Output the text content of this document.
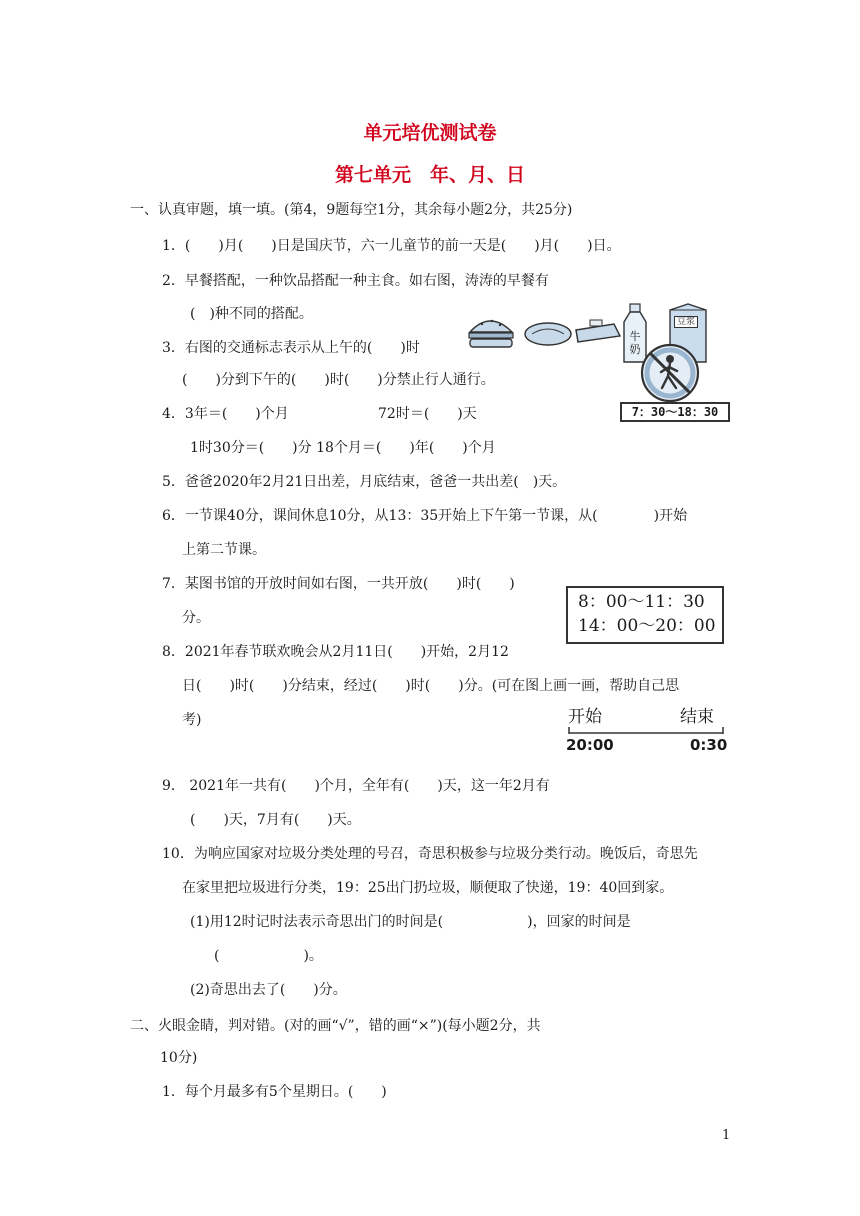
单元培优测试卷
第七单元　年、月、日
一、认真审题，填一填。(第4，9题每空1分，其余每小题2分，共25分)
1．(　　)月(　　)日是国庆节，六一儿童节的前一天是(　　)月(　　)日。
2．早餐搭配，一种饮品搭配一种主食。如右图，涛涛的早餐有
(　)种不同的搭配。
3．右图的交通标志表示从上午的(　　)时
(　　)分到下午的(　　)时(　　)分禁止行人通行。
4．3年＝(　　)个月	72时＝(　　)天
1时30分＝(　　)分 18个月＝(　　)年(　　)个月
5．爸爸2020年2月21日出差，月底结束，爸爸一共出差(　)天。
6．一节课40分，课间休息10分，从13：35开始上下午第一节课，从(　　　　)开始
上第二节课。
7．某图书馆的开放时间如右图，一共开放(　　)时(　　)
分。
8．2021年春节联欢晚会从2月11日(　　)开始，2月12
日(　　)时(　　)分结束，经过(　　)时(　　)分。(可在图上画一画，帮助自己思
考)
9． 2021年一共有(　　)个月，全年有(　　)天，这一年2月有
(　　)天，7月有(　　)天。
10．为响应国家对垃圾分类处理的号召，奇思积极参与垃圾分类行动。晚饭后，奇思先
在家里把垃圾进行分类，19：25出门扔垃圾，顺便取了快递，19：40回到家。
(1)用12时记时法表示奇思出门的时间是(　　　　　　)，回家的时间是
(　　　　　　)。
(2)奇思出去了(　　)分。
二、火眼金睛，判对错。(对的画“√”，错的画“×”)(每小题2分，共
10分)
1．每个月最多有5个星期日。(　　)
牛奶
豆浆
7：30～18：30
8：00～11：30
14：00～20：00
开始	结束
20:00	0:30
1
